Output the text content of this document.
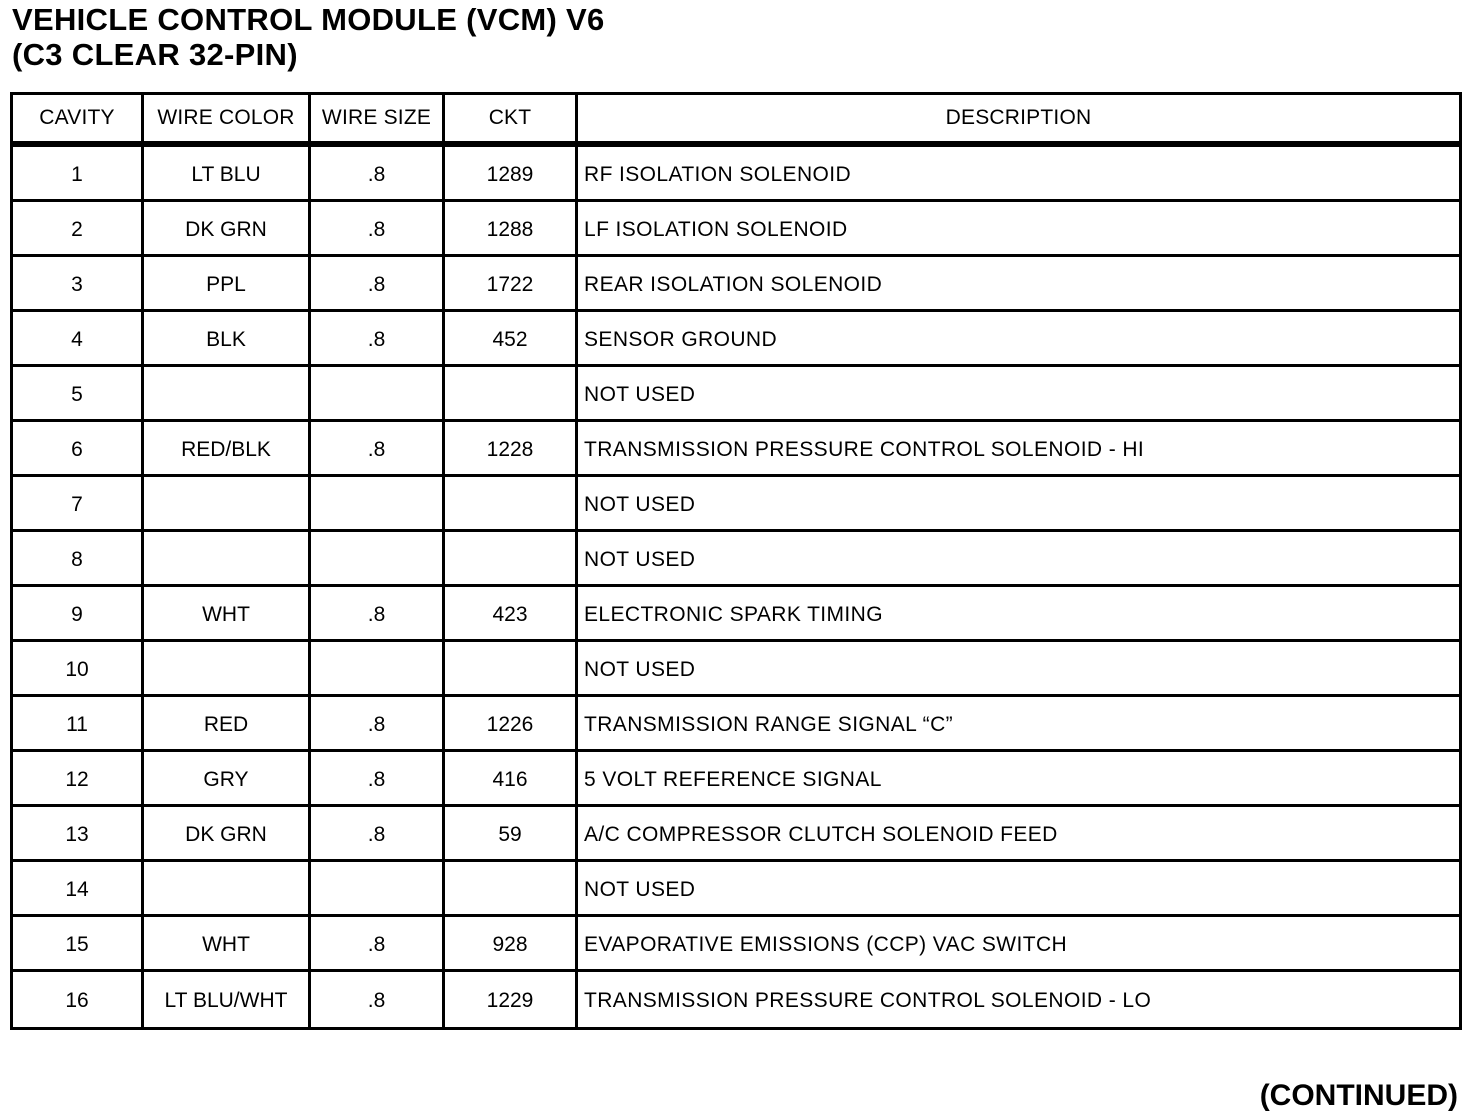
VEHICLE CONTROL MODULE (VCM) V6
(C3 CLEAR 32-PIN)
CAVITY	WIRE COLOR	WIRE SIZE	CKT	DESCRIPTION
1	LT BLU	.8	1289	RF ISOLATION SOLENOID
2	DK GRN	.8	1288	LF ISOLATION SOLENOID
3	PPL	.8	1722	REAR ISOLATION SOLENOID
4	BLK	.8	452	SENSOR GROUND
5				NOT USED
6	RED/BLK	.8	1228	TRANSMISSION PRESSURE CONTROL SOLENOID - HI
7				NOT USED
8				NOT USED
9	WHT	.8	423	ELECTRONIC SPARK TIMING
10				NOT USED
11	RED	.8	1226	TRANSMISSION RANGE SIGNAL “C”
12	GRY	.8	416	5 VOLT REFERENCE SIGNAL
13	DK GRN	.8	59	A/C COMPRESSOR CLUTCH SOLENOID FEED
14				NOT USED
15	WHT	.8	928	EVAPORATIVE EMISSIONS (CCP) VAC SWITCH
16	LT BLU/WHT	.8	1229	TRANSMISSION PRESSURE CONTROL SOLENOID - LO

(CONTINUED)
